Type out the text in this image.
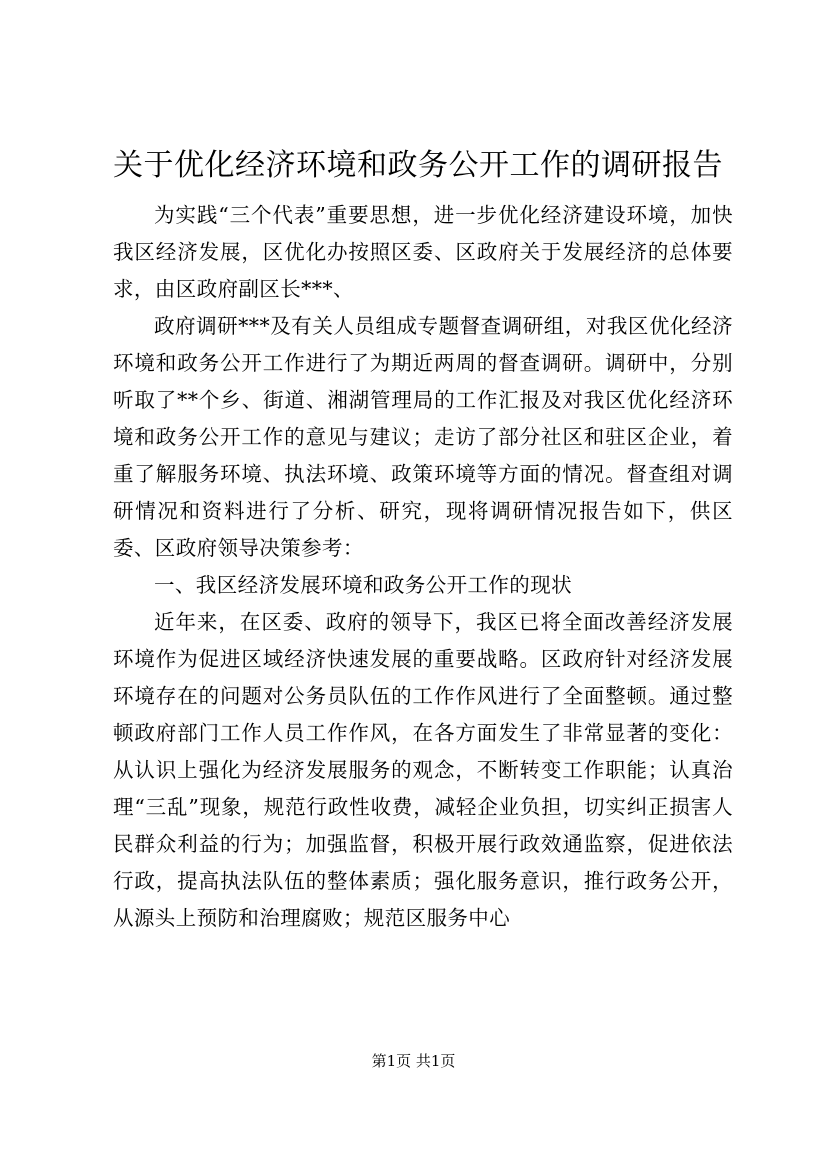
关于优化经济环境和政务公开工作的调研报告

为实践“三个代表”重要思想，进一步优化经济建设环境，加快我区经济发展，区优化办按照区委、区政府关于发展经济的总体要求，由区政府副区长***、

政府调研***及有关人员组成专题督查调研组，对我区优化经济环境和政务公开工作进行了为期近两周的督查调研。调研中，分别听取了**个乡、街道、湘湖管理局的工作汇报及对我区优化经济环境和政务公开工作的意见与建议；走访了部分社区和驻区企业，着重了解服务环境、执法环境、政策环境等方面的情况。督查组对调研情况和资料进行了分析、研究，现将调研情况报告如下，供区委、区政府领导决策参考：

一、我区经济发展环境和政务公开工作的现状

近年来，在区委、政府的领导下，我区已将全面改善经济发展环境作为促进区域经济快速发展的重要战略。区政府针对经济发展环境存在的问题对公务员队伍的工作作风进行了全面整顿。通过整顿政府部门工作人员工作作风，在各方面发生了非常显著的变化：从认识上强化为经济发展服务的观念，不断转变工作职能；认真治理“三乱”现象，规范行政性收费，减轻企业负担，切实纠正损害人民群众利益的行为；加强监督，积极开展行政效通监察，促进依法行政，提高执法队伍的整体素质；强化服务意识，推行政务公开，从源头上预防和治理腐败；规范区服务中心

第1页 共1页
